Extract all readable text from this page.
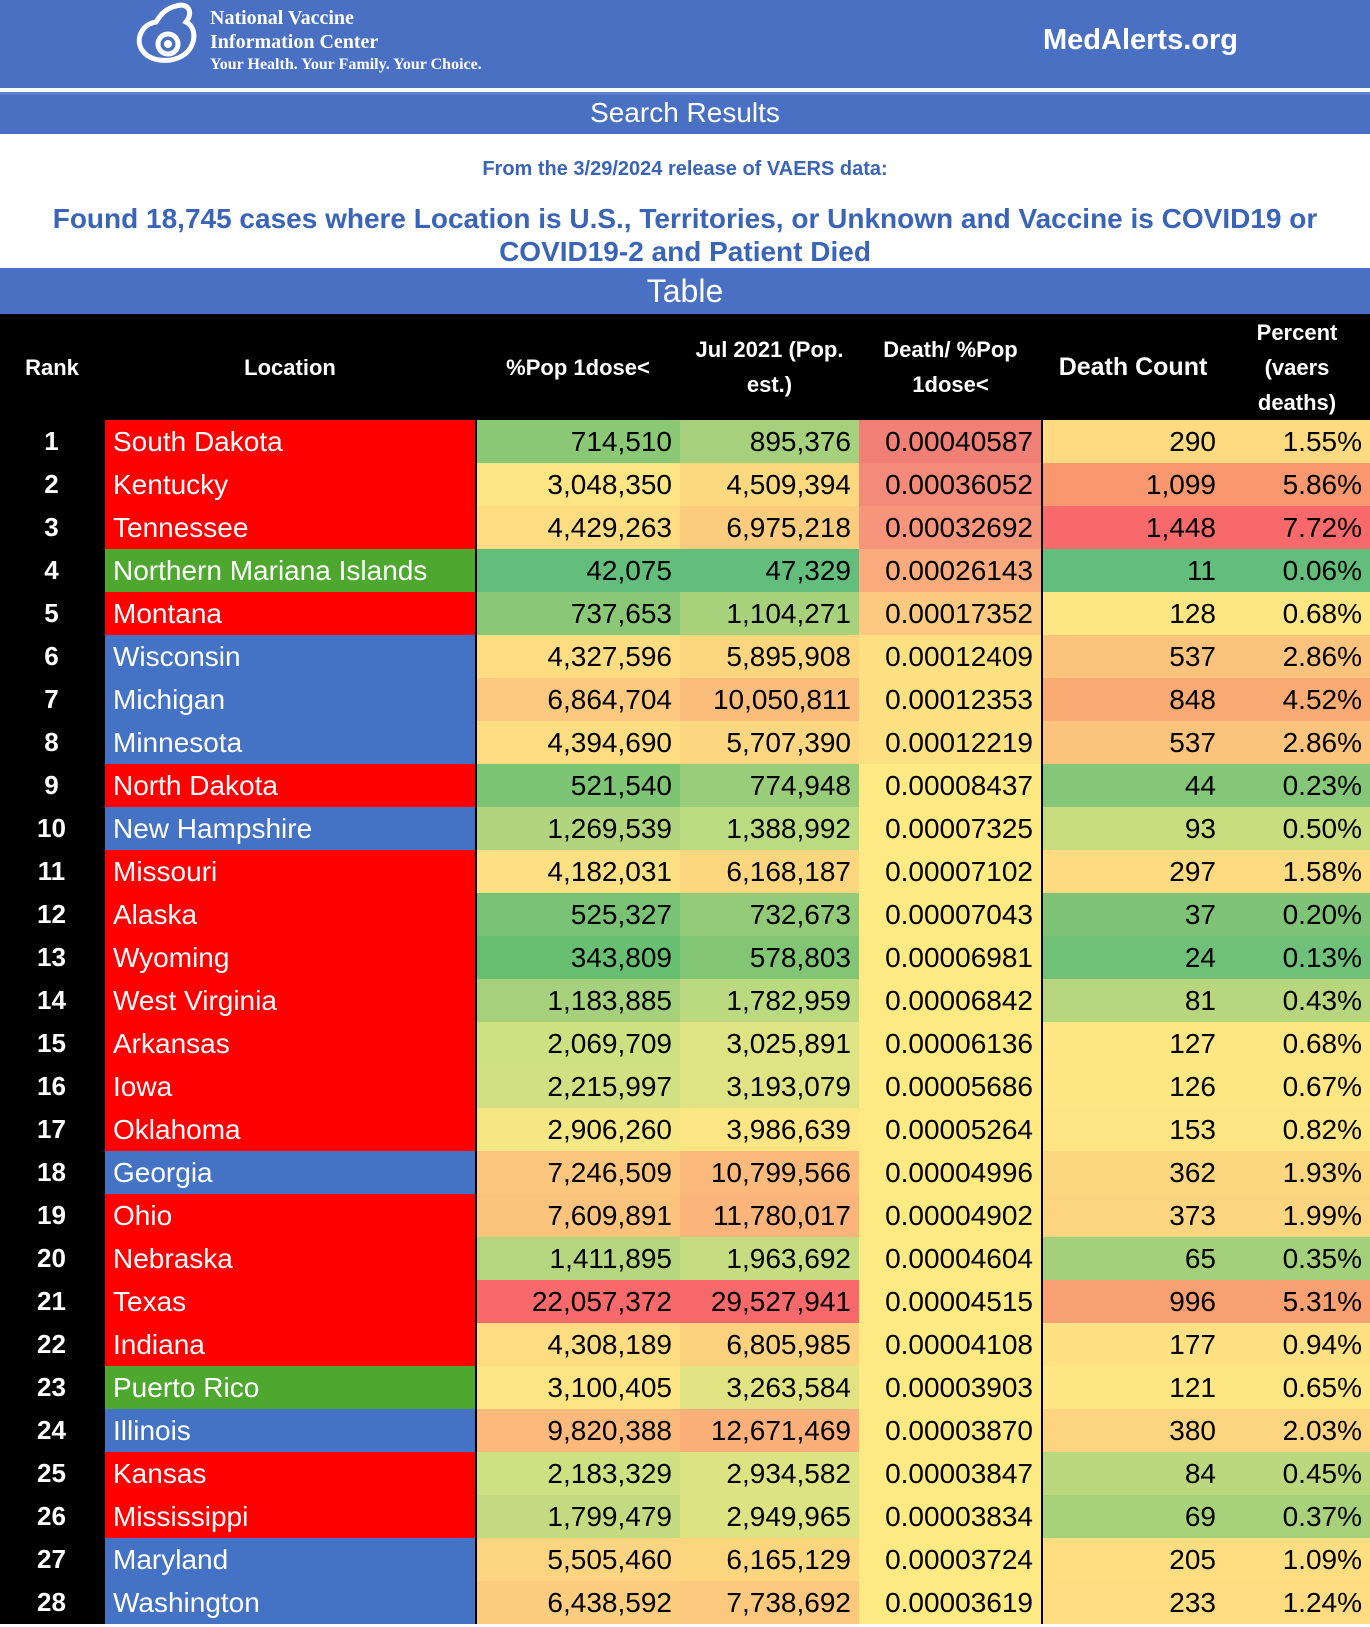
National Vaccine
Information Center
Your Health. Your Family. Your Choice.
MedAlerts.org
Search Results
From the 3/29/2024 release of VAERS data:
Found 18,745 cases where Location is U.S., Territories, or Unknown and Vaccine is COVID19 or COVID19-2 and Patient Died
Table
Rank	Location	%Pop 1dose<	Jul 2021 (Pop. est.)	Death/ %Pop 1dose<	Death Count	Percent (vaers deaths)
1	South Dakota	714,510	895,376	0.00040587	290	1.55%
2	Kentucky	3,048,350	4,509,394	0.00036052	1,099	5.86%
3	Tennessee	4,429,263	6,975,218	0.00032692	1,448	7.72%
4	Northern Mariana Islands	42,075	47,329	0.00026143	11	0.06%
5	Montana	737,653	1,104,271	0.00017352	128	0.68%
6	Wisconsin	4,327,596	5,895,908	0.00012409	537	2.86%
7	Michigan	6,864,704	10,050,811	0.00012353	848	4.52%
8	Minnesota	4,394,690	5,707,390	0.00012219	537	2.86%
9	North Dakota	521,540	774,948	0.00008437	44	0.23%
10	New Hampshire	1,269,539	1,388,992	0.00007325	93	0.50%
11	Missouri	4,182,031	6,168,187	0.00007102	297	1.58%
12	Alaska	525,327	732,673	0.00007043	37	0.20%
13	Wyoming	343,809	578,803	0.00006981	24	0.13%
14	West Virginia	1,183,885	1,782,959	0.00006842	81	0.43%
15	Arkansas	2,069,709	3,025,891	0.00006136	127	0.68%
16	Iowa	2,215,997	3,193,079	0.00005686	126	0.67%
17	Oklahoma	2,906,260	3,986,639	0.00005264	153	0.82%
18	Georgia	7,246,509	10,799,566	0.00004996	362	1.93%
19	Ohio	7,609,891	11,780,017	0.00004902	373	1.99%
20	Nebraska	1,411,895	1,963,692	0.00004604	65	0.35%
21	Texas	22,057,372	29,527,941	0.00004515	996	5.31%
22	Indiana	4,308,189	6,805,985	0.00004108	177	0.94%
23	Puerto Rico	3,100,405	3,263,584	0.00003903	121	0.65%
24	Illinois	9,820,388	12,671,469	0.00003870	380	2.03%
25	Kansas	2,183,329	2,934,582	0.00003847	84	0.45%
26	Mississippi	1,799,479	2,949,965	0.00003834	69	0.37%
27	Maryland	5,505,460	6,165,129	0.00003724	205	1.09%
28	Washington	6,438,592	7,738,692	0.00003619	233	1.24%
